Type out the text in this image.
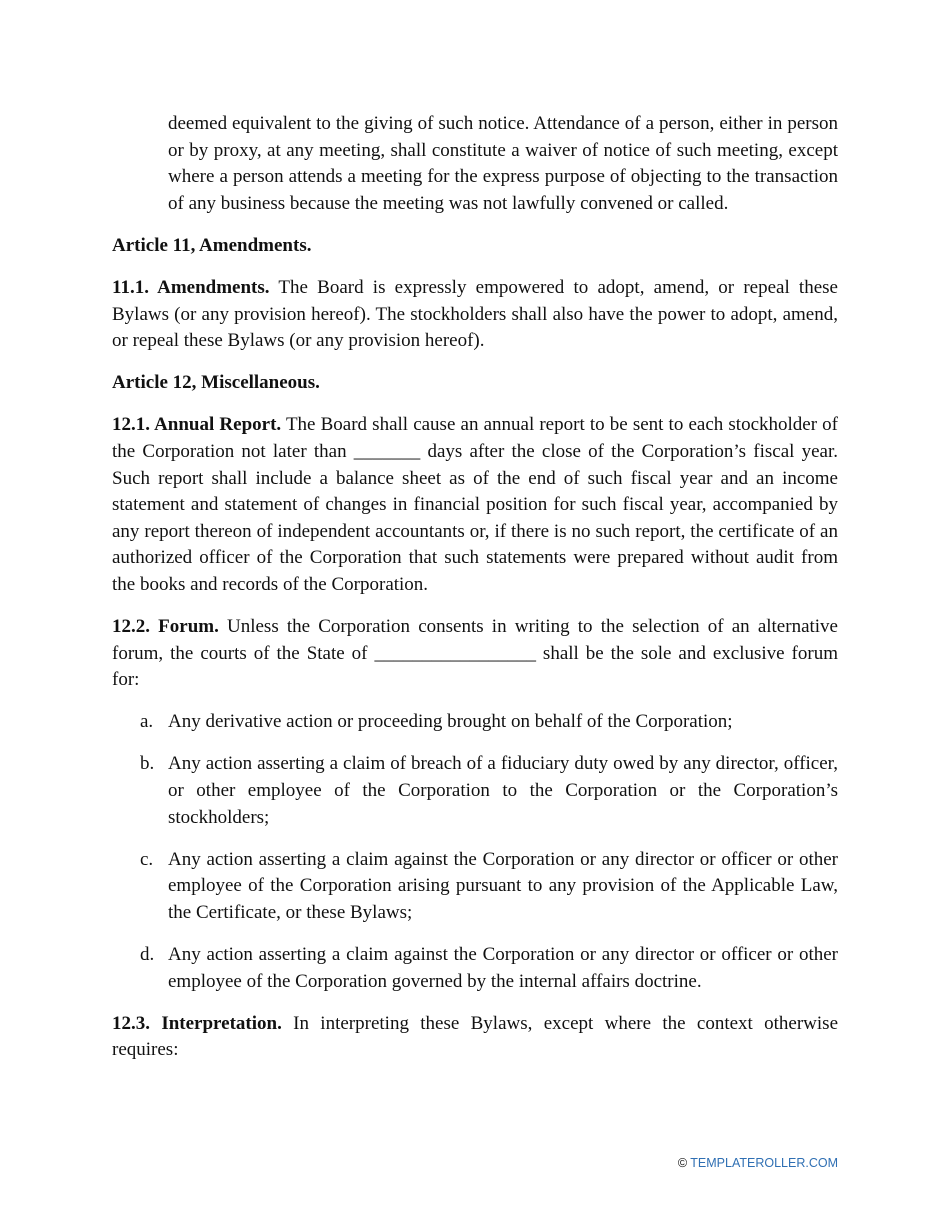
deemed equivalent to the giving of such notice. Attendance of a person, either in person or by proxy, at any meeting, shall constitute a waiver of notice of such meeting, except where a person attends a meeting for the express purpose of objecting to the transaction of any business because the meeting was not lawfully convened or called.

Article 11, Amendments.

11.1. Amendments. The Board is expressly empowered to adopt, amend, or repeal these Bylaws (or any provision hereof). The stockholders shall also have the power to adopt, amend, or repeal these Bylaws (or any provision hereof).

Article 12, Miscellaneous.

12.1. Annual Report. The Board shall cause an annual report to be sent to each stockholder of the Corporation not later than _______ days after the close of the Corporation’s fiscal year. Such report shall include a balance sheet as of the end of such fiscal year and an income statement and statement of changes in financial position for such fiscal year, accompanied by any report thereon of independent accountants or, if there is no such report, the certificate of an authorized officer of the Corporation that such statements were prepared without audit from the books and records of the Corporation.

12.2. Forum. Unless the Corporation consents in writing to the selection of an alternative forum, the courts of the State of _________________ shall be the sole and exclusive forum for:

a. Any derivative action or proceeding brought on behalf of the Corporation;

b. Any action asserting a claim of breach of a fiduciary duty owed by any director, officer, or other employee of the Corporation to the Corporation or the Corporation’s stockholders;

c. Any action asserting a claim against the Corporation or any director or officer or other employee of the Corporation arising pursuant to any provision of the Applicable Law, the Certificate, or these Bylaws;

d. Any action asserting a claim against the Corporation or any director or officer or other employee of the Corporation governed by the internal affairs doctrine.

12.3. Interpretation. In interpreting these Bylaws, except where the context otherwise requires:

© TEMPLATEROLLER.COM
